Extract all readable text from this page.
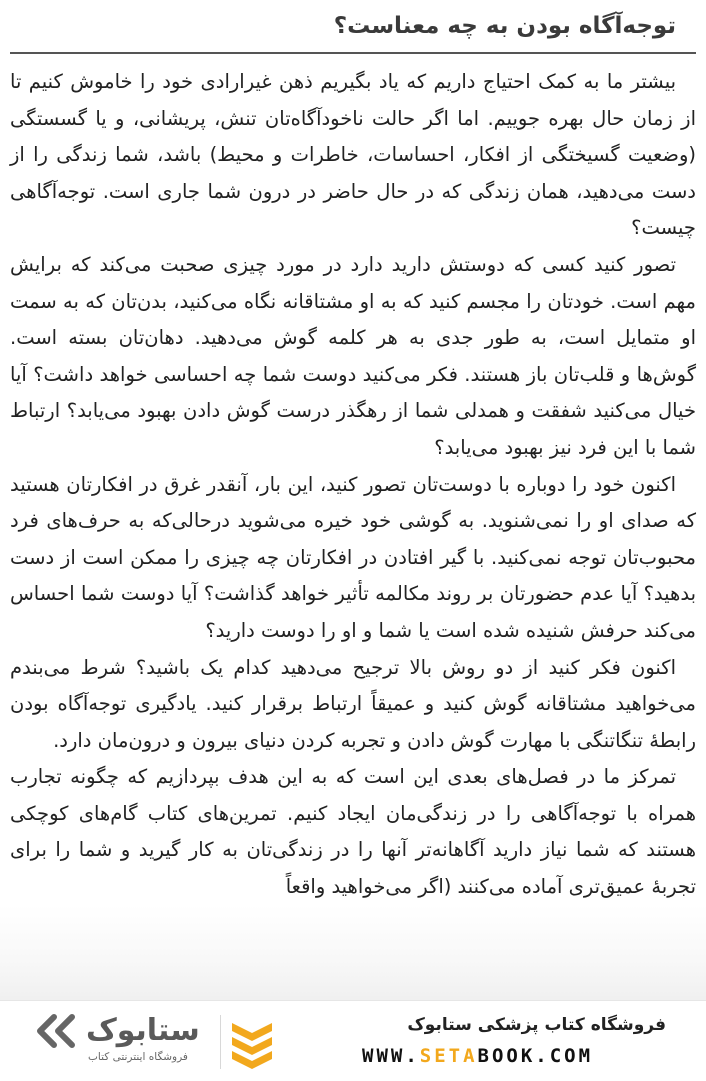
توجه‌آگاه بودن به چه معناست؟

بیشتر ما به کمک احتیاج داریم که یاد بگیریم ذهن غیرارادی خود را خاموش کنیم تا از زمان حال بهره جوییم. اما اگر حالت ناخودآگاه‌تان تنش، پریشانی، و یا گسستگی (وضعیت گسیختگی از افکار، احساسات، خاطرات و محیط) باشد، شما زندگی را از دست می‌دهید، همان زندگی که در حال حاضر در درون شما جاری است. توجه‌آگاهی چیست؟

تصور کنید کسی که دوستش دارید دارد در مورد چیزی صحبت می‌کند که برایش مهم است. خودتان را مجسم کنید که به او مشتاقانه نگاه می‌کنید، بدن‌تان که به سمت او متمایل است، به طور جدی به هر کلمه گوش می‌دهید. دهان‌تان بسته است. گوش‌ها و قلب‌تان باز هستند. فکر می‌کنید دوست شما چه احساسی خواهد داشت؟ آیا خیال می‌کنید شفقت و همدلی شما از رهگذر درست گوش دادن بهبود می‌یابد؟ ارتباط شما با این فرد نیز بهبود می‌یابد؟

اکنون خود را دوباره با دوست‌تان تصور کنید، این بار، آنقدر غرق در افکارتان هستید که صدای او را نمی‌شنوید. به گوشی خود خیره می‌شوید درحالی‌که به حرف‌های فرد محبوب‌تان توجه نمی‌کنید. با گیر افتادن در افکارتان چه چیزی را ممکن است از دست بدهید؟ آیا عدم حضورتان بر روند مکالمه تأثیر خواهد گذاشت؟ آیا دوست شما احساس می‌کند حرفش شنیده شده است یا شما و او را دوست دارید؟

اکنون فکر کنید از دو روش بالا ترجیح می‌دهید کدام یک باشید؟ شرط می‌بندم می‌خواهید مشتاقانه گوش کنید و عمیقاً ارتباط برقرار کنید. یادگیری توجه‌آگاه بودن رابطهٔ تنگاتنگی با مهارت گوش دادن و تجربه کردن دنیای بیرون و درون‌مان دارد.

تمرکز ما در فصل‌های بعدی این است که به این هدف بپردازیم که چگونه تجارب همراه با توجه‌آگاهی را در زندگی‌مان ایجاد کنیم. تمرین‌های کتاب گام‌های کوچکی هستند که شما نیاز دارید آگاهانه‌تر آنها را در زندگی‌تان به کار گیرید و شما را برای تجربهٔ عمیق‌تری آماده می‌کنند (اگر می‌خواهید واقعاً

ستابوک
فروشگاه اینترنتی کتاب
فروشگاه کتاب پزشکی ستابوک
WWW.SETABOOK.COM
